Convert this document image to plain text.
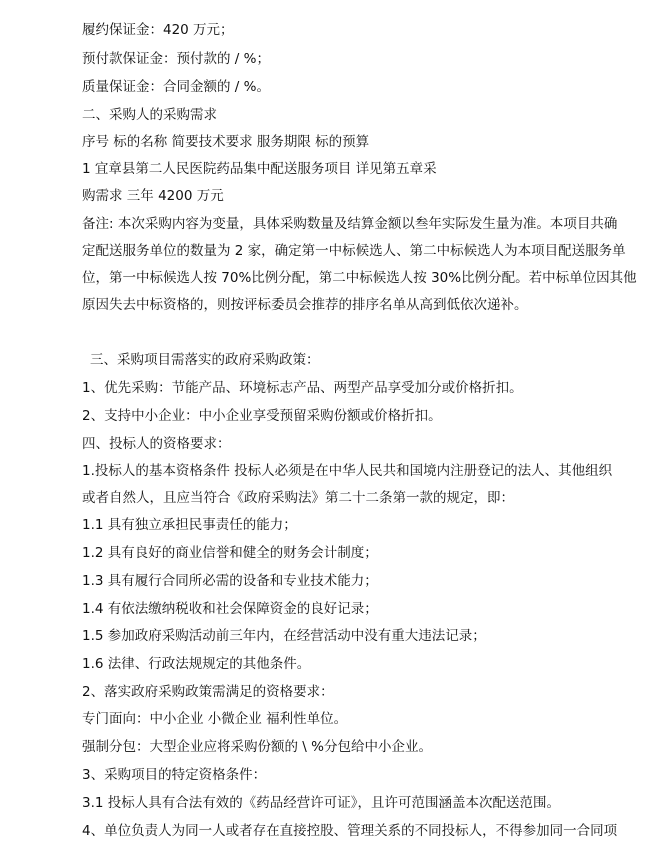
履约保证金：420 万元；
预付款保证金：预付款的 / %；
质量保证金：合同金额的 / %。
二、采购人的采购需求
序号 标的名称 简要技术要求 服务期限 标的预算
1 宜章县第二人民医院药品集中配送服务项目 详见第五章采
购需求 三年 4200 万元
备注: 本次采购内容为变量，具体采购数量及结算金额以叁年实际发生量为准。本项目共确
定配送服务单位的数量为 2 家，确定第一中标候选人、第二中标候选人为本项目配送服务单
位，第一中标候选人按 70%比例分配，第二中标候选人按 30%比例分配。若中标单位因其他
原因失去中标资格的，则按评标委员会推荐的排序名单从高到低依次递补。
三、采购项目需落实的政府采购政策：
1、优先采购：节能产品、环境标志产品、两型产品享受加分或价格折扣。
2、支持中小企业：中小企业享受预留采购份额或价格折扣。
四、投标人的资格要求：
1.投标人的基本资格条件 投标人必须是在中华人民共和国境内注册登记的法人、其他组织
或者自然人，且应当符合《政府采购法》第二十二条第一款的规定，即：
1.1 具有独立承担民事责任的能力；
1.2 具有良好的商业信誉和健全的财务会计制度；
1.3 具有履行合同所必需的设备和专业技术能力；
1.4 有依法缴纳税收和社会保障资金的良好记录；
1.5 参加政府采购活动前三年内，在经营活动中没有重大违法记录；
1.6 法律、行政法规规定的其他条件。
2、落实政府采购政策需满足的资格要求：
专门面向：中小企业 小微企业 福利性单位。
强制分包：大型企业应将采购份额的 \ %分包给中小企业。
3、采购项目的特定资格条件：
3.1 投标人具有合法有效的《药品经营许可证》，且许可范围涵盖本次配送范围。
4、单位负责人为同一人或者存在直接控股、管理关系的不同投标人，不得参加同一合同项
